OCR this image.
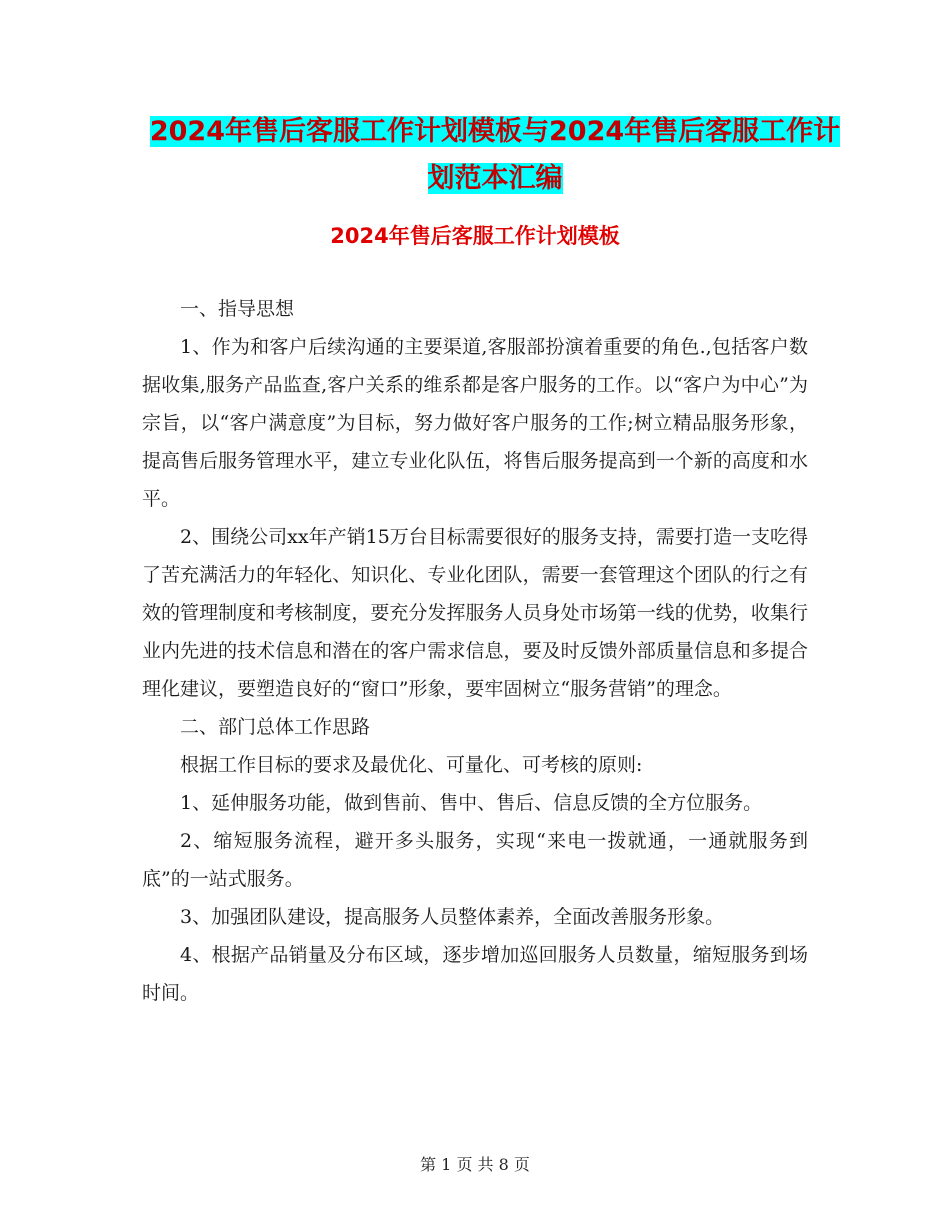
2024年售后客服工作计划模板与2024年售后客服工作计划范本汇编
2024年售后客服工作计划模板

一、指导思想

1、作为和客户后续沟通的主要渠道,客服部扮演着重要的角色.,包括客户数据收集,服务产品监查,客户关系的维系都是客户服务的工作。以“客户为中心”为宗旨，以“客户满意度”为目标，努力做好客户服务的工作;树立精品服务形象，提高售后服务管理水平，建立专业化队伍，将售后服务提高到一个新的高度和水平。

2、围绕公司xx年产销15万台目标需要很好的服务支持，需要打造一支吃得了苦充满活力的年轻化、知识化、专业化团队，需要一套管理这个团队的行之有效的管理制度和考核制度，要充分发挥服务人员身处市场第一线的优势，收集行业内先进的技术信息和潜在的客户需求信息，要及时反馈外部质量信息和多提合理化建议，要塑造良好的“窗口”形象，要牢固树立“服务营销”的理念。

二、部门总体工作思路

根据工作目标的要求及最优化、可量化、可考核的原则:

1、延伸服务功能，做到售前、售中、售后、信息反馈的全方位服务。

2、缩短服务流程，避开多头服务，实现“来电一拨就通，一通就服务到底”的一站式服务。

3、加强团队建设，提高服务人员整体素养，全面改善服务形象。

4、根据产品销量及分布区域，逐步增加巡回服务人员数量，缩短服务到场时间。

第 1 页 共 8 页
